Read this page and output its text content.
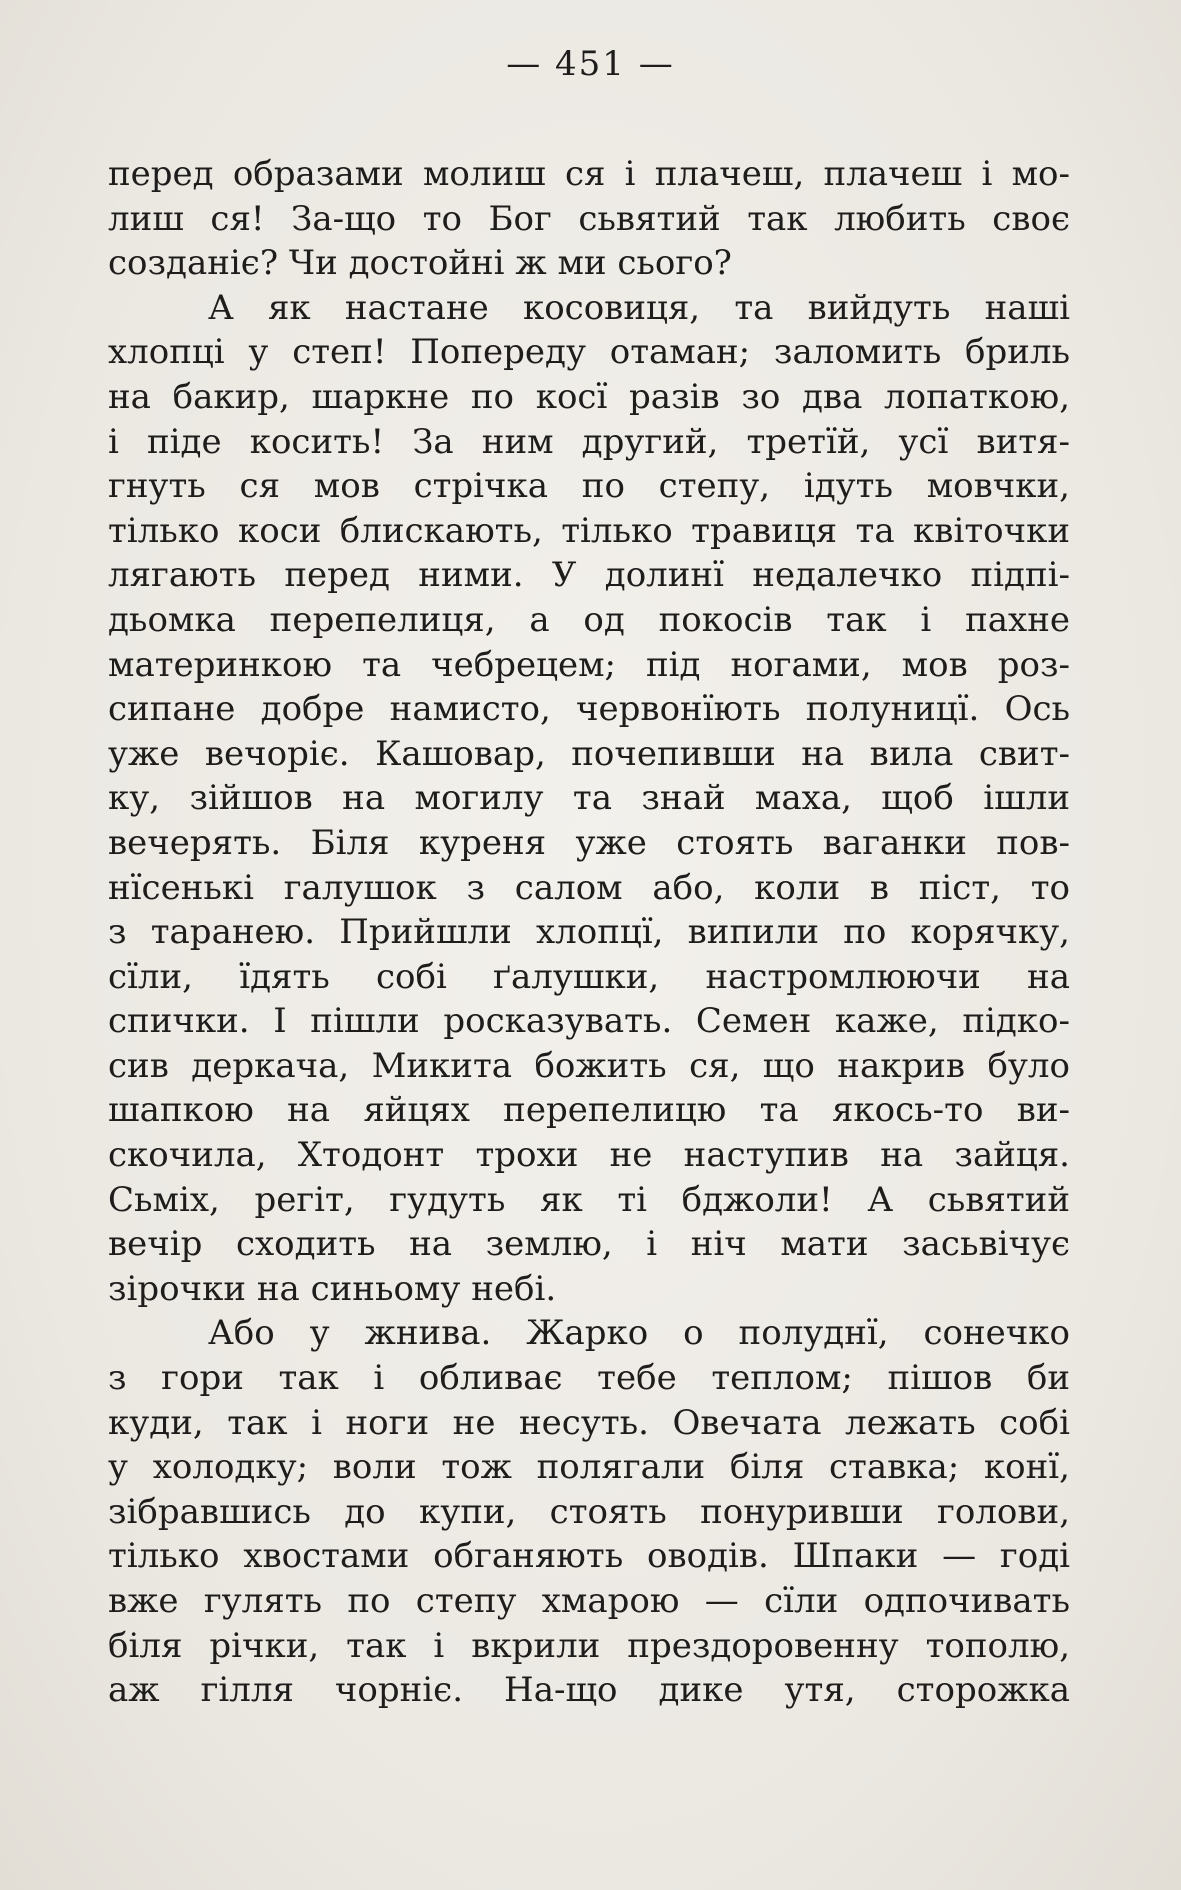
— 451 —
перед образами молиш ся і плачеш, плачеш і мо-
лиш ся! За-що то Бог сьвятий так любить своє
созданіє? Чи достойні ж ми сього?
А як настане косовиця, та вийдуть наші
хлопці у степ! Попереду отаман; заломить бриль
на бакир, шаркне по косї разів зо два лопаткою,
і піде косить! За ним другий, третїй, усї витя-
гнуть ся мов стрічка по степу, ідуть мовчки,
тілько коси блискають, тілько травиця та квіточки
лягають перед ними. У долинї недалечко підпі-
дьомка перепелиця, а од покосів так і пахне
материнкою та чебрецем; під ногами, мов роз-
сипане добре намисто, червонїють полуницї. Ось
уже вечоріє. Кашовар, почепивши на вила свит-
ку, зійшов на могилу та знай маха, щоб ішли
вечерять. Біля куреня уже стоять ваганки пов-
нїсенькі галушок з салом або, коли в піст, то
з таранею. Прийшли хлопцї, випили по корячку,
сїли, їдять собі ґалушки, настромлюючи на
спички. І пішли росказувать. Семен каже, підко-
сив деркача, Микита божить ся, що накрив було
шапкою на яйцях перепелицю та якось-то ви-
скочила, Хтодонт трохи не наступив на зайця.
Сьміх, регіт, гудуть як ті бджоли! А сьвятий
вечір сходить на землю, і ніч мати засьвічує
зірочки на синьому небі.
Або у жнива. Жарко о полуднї, сонечко
з гори так і обливає тебе теплом; пішов би
куди, так і ноги не несуть. Овечата лежать собі
у холодку; воли тож полягали біля ставка; конї,
зібравшись до купи, стоять понуривши голови,
тілько хвостами обганяють оводів. Шпаки — годі
вже гулять по степу хмарою — сїли одпочивать
біля річки, так і вкрили прездоровенну тополю,
аж гілля чорніє. На-що дике утя, сторожка
